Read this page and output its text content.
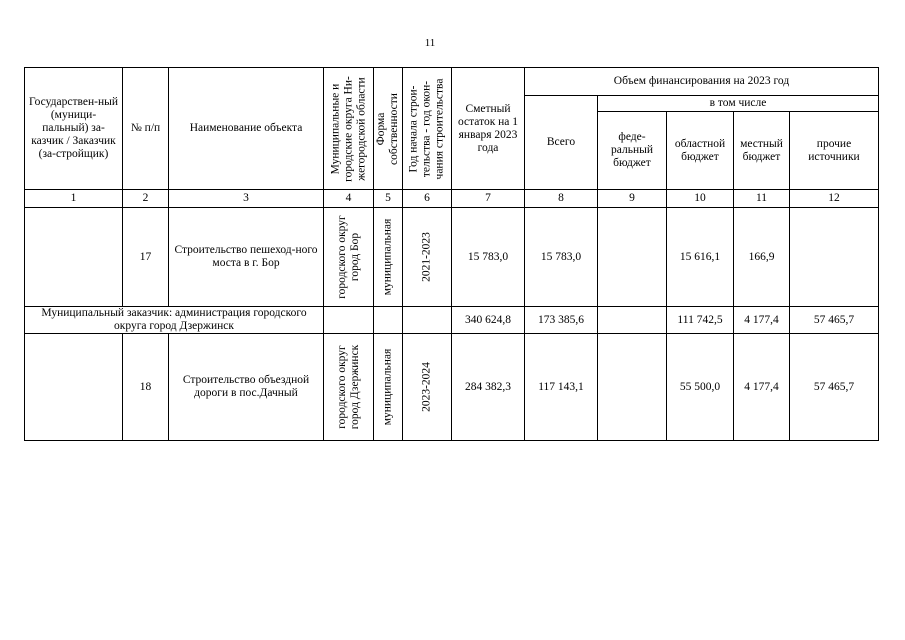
11
Государствен-ный (муници-пальный) за-казчик / Заказчик (за-стройщик)	№ п/п	Наименование объекта	Муниципальные и городские округа Ни-жегородской области	Форма собственности	Год начала строи-тельства - год окон-чания строительства	Сметный остаток на 1 января 2023 года	Объем финансирования на 2023 год				
							Всего	в том числе			
								феде-ральный бюджет	областной бюджет	местный бюджет	прочие источники
1	2	3	4	5	6	7	8	9	10	11	12
	17	Строительство пешеход-ного моста в г. Бор	городского округ город Бор	муниципальная	2021-2023	15 783,0	15 783,0		15 616,1	166,9	
Муниципальный заказчик: администрация городского округа город Дзержинск						340 624,8	173 385,6		111 742,5	4 177,4	57 465,7
	18	Строительство объездной дороги в пос.Дачный	городского округ город Дзержинск	муниципальная	2023-2024	284 382,3	117 143,1		55 500,0	4 177,4	57 465,7
